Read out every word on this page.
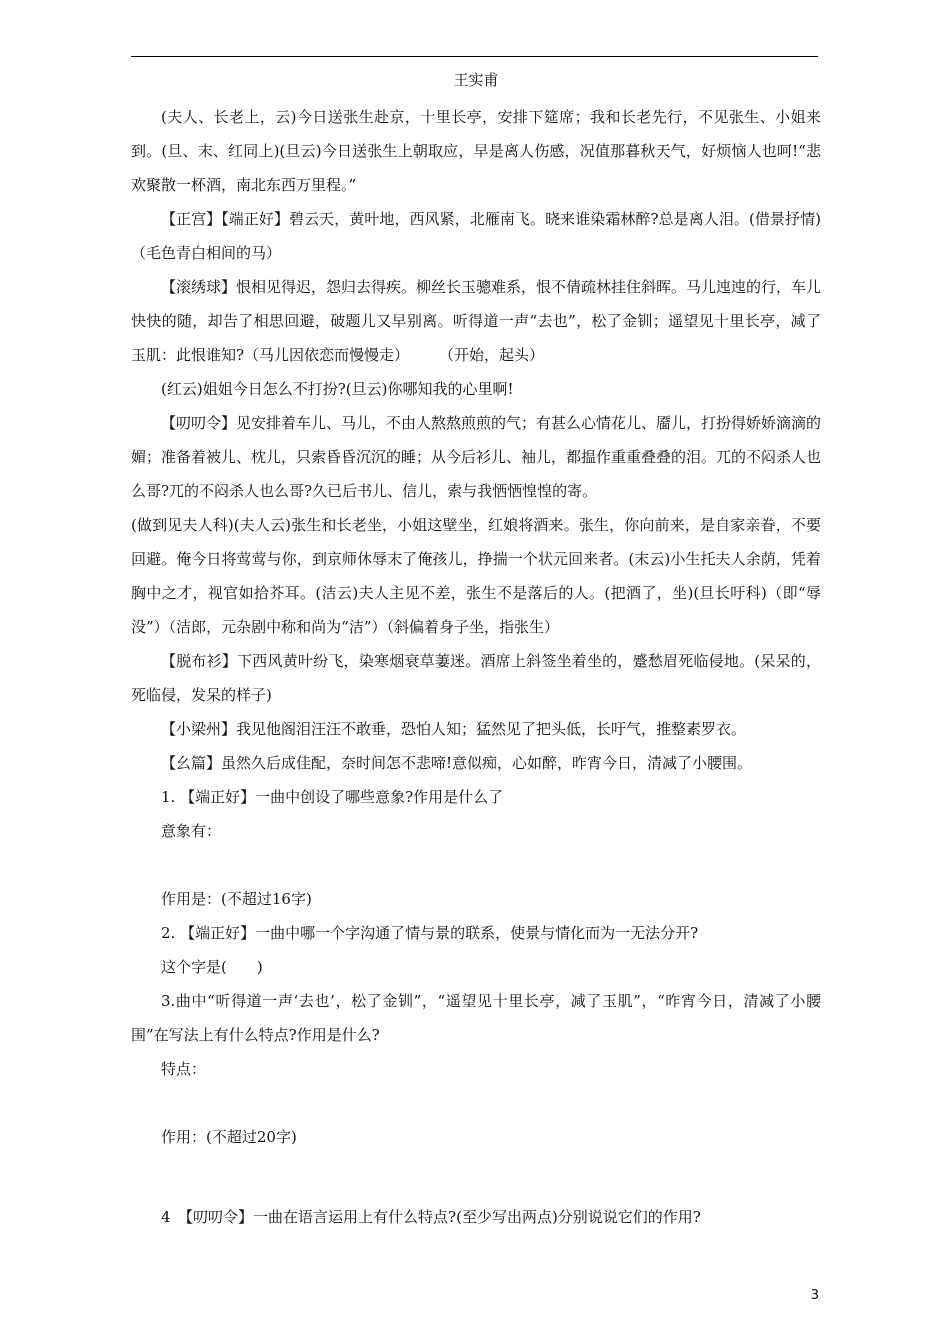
王实甫

(夫人、长老上，云)今日送张生赴京，十里长亭，安排下筵席；我和长老先行，不见张生、小姐来到。(旦、末、红同上)(旦云)今日送张生上朝取应，早是离人伤感，况值那暮秋天气，好烦恼人也呵!“悲欢聚散一杯酒，南北东西万里程。”

【正宫】【端正好】碧云天，黄叶地，西风紧，北雁南飞。晓来谁染霜林醉?总是离人泪。(借景抒情)　　　　（毛色青白相间的马）

【滚绣球】恨相见得迟，怨归去得疾。柳丝长玉骢难系，恨不倩疏林挂住斜晖。马儿迍迍的行，车儿快快的随，却告了相思回避，破题儿又早别离。听得道一声“去也”，松了金钏；遥望见十里长亭，减了玉肌：此恨谁知?（马儿因依恋而慢慢走）　　　（开始，起头）

(红云)姐姐今日怎么不打扮?(旦云)你哪知我的心里啊!

【叨叨令】见安排着车儿、马儿，不由人熬熬煎煎的气；有甚么心情花儿、靥儿，打扮得娇娇滴滴的媚；准备着被儿、枕儿，只索昏昏沉沉的睡；从今后衫儿、袖儿，都揾作重重叠叠的泪。兀的不闷杀人也么哥?兀的不闷杀人也么哥?久已后书儿、信儿，索与我恓恓惶惶的寄。

(做到见夫人科)(夫人云)张生和长老坐，小姐这壁坐，红娘将酒来。张生，你向前来，是自家亲眷，不要回避。俺今日将莺莺与你，到京师休辱末了俺孩儿，挣揣一个状元回来者。(末云)小生托夫人余荫，凭着胸中之才，视官如拾芥耳。(洁云)夫人主见不差，张生不是落后的人。(把酒了，坐)(旦长吁科)（即“辱没”）（洁郎，元杂剧中称和尚为“洁”）（斜偏着身子坐，指张生）

【脱布衫】下西风黄叶纷飞，染寒烟衰草萋迷。酒席上斜签坐着坐的，蹙愁眉死临侵地。(呆呆的，死临侵，发呆的样子)

【小梁州】我见他阁泪汪汪不敢垂，恐怕人知；猛然见了把头低，长吁气，推整素罗衣。

【幺篇】虽然久后成佳配，奈时间怎不悲啼!意似痴，心如醉，昨宵今日，清减了小腰围。

1. 【端正好】一曲中创设了哪些意象?作用是什么了
意象有：
作用是：(不超过16字)
2. 【端正好】一曲中哪一个字沟通了情与景的联系，使景与情化而为一无法分开?
这个字是(　　)

3.曲中“听得道一声‘去也’，松了金钏”，“遥望见十里长亭，减了玉肌”，“昨宵今日，清减了小腰围”在写法上有什么特点?作用是什么?

特点：
作用：(不超过20字)
4　【叨叨令】一曲在语言运用上有什么特点?(至少写出两点)分别说说它们的作用?
3
